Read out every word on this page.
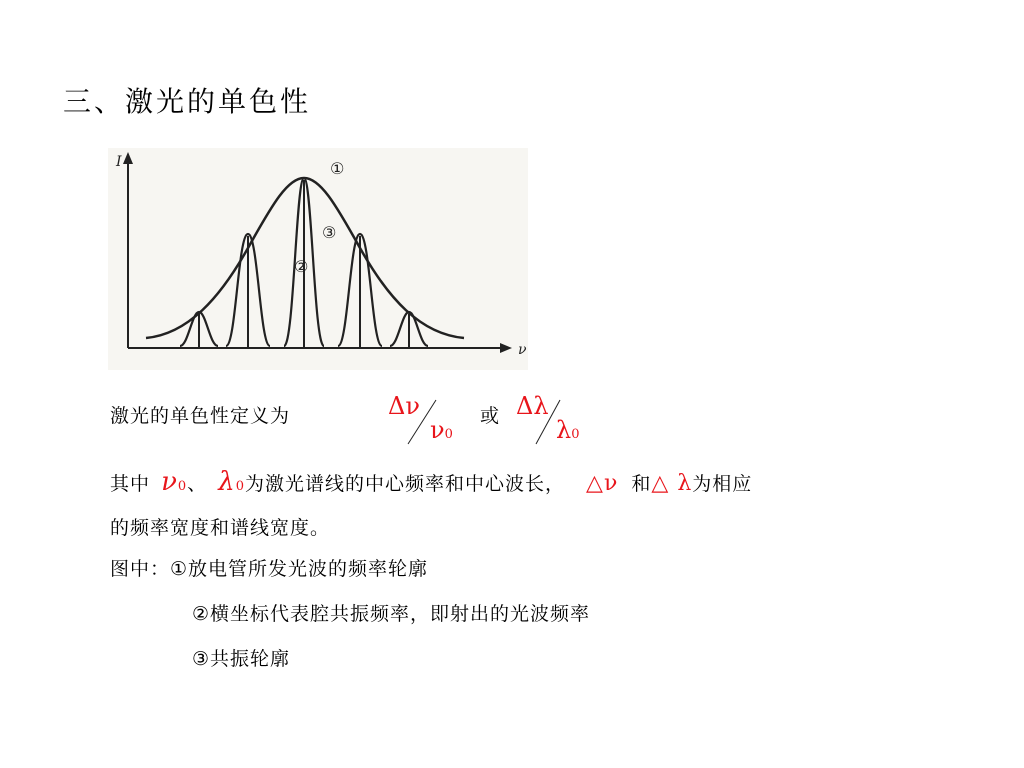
三、激光的单色性
I
ν
①
②
③
激光的单色性定义为	Δν
ν0
或 Δλ
λ0
其中 ν0、 λ0为激光谱线的中心频率和中心波长， △ν 和△ λ为相应
的频率宽度和谱线宽度。
图中：①放电管所发光波的频率轮廓
②横坐标代表腔共振频率，即射出的光波频率
③共振轮廓
